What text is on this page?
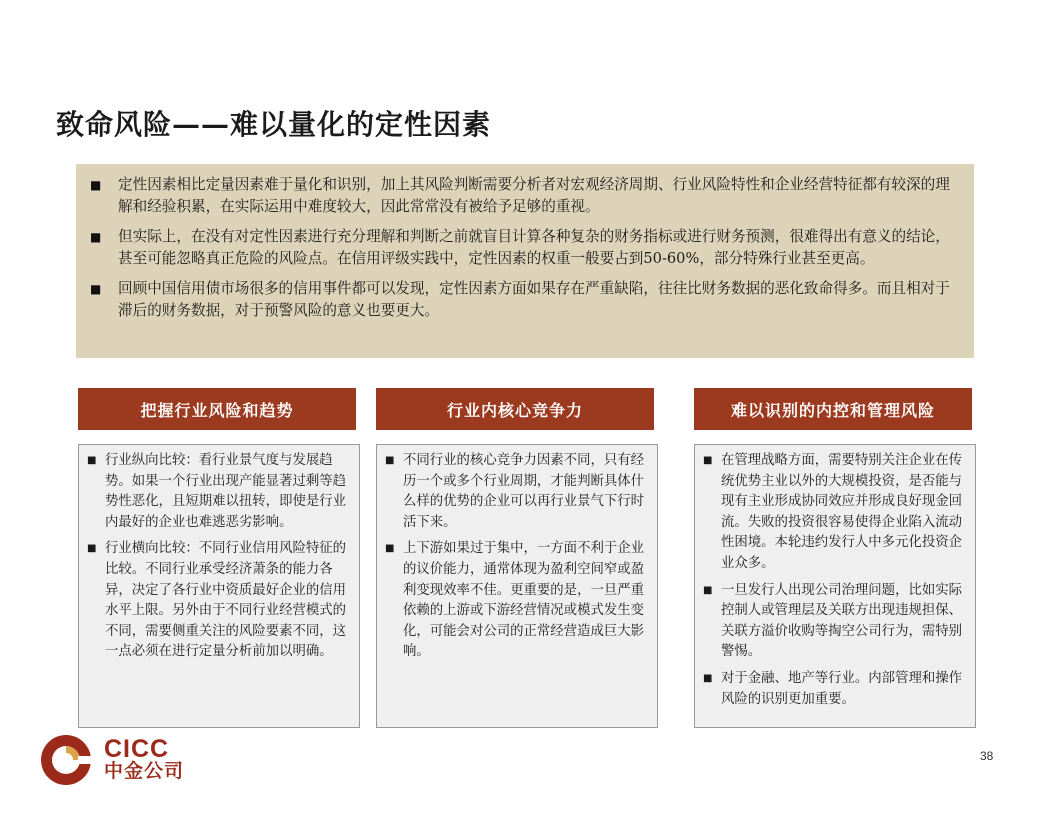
致命风险——难以量化的定性因素
■	定性因素相比定量因素难于量化和识别，加上其风险判断需要分析者对宏观经济周期、行业风险特性和企业经营特征都有较深的理解和经验积累，在实际运用中难度较大，因此常常没有被给予足够的重视。
■	但实际上，在没有对定性因素进行充分理解和判断之前就盲目计算各种复杂的财务指标或进行财务预测，很难得出有意义的结论，甚至可能忽略真正危险的风险点。在信用评级实践中，定性因素的权重一般要占到50-60%，部分特殊行业甚至更高。
■	回顾中国信用债市场很多的信用事件都可以发现，定性因素方面如果存在严重缺陷，往往比财务数据的恶化致命得多。而且相对于滞后的财务数据，对于预警风险的意义也要更大。
把握行业风险和趋势
■ 行业纵向比较：看行业景气度与发展趋势。如果一个行业出现产能显著过剩等趋势性恶化，且短期难以扭转，即使是行业内最好的企业也难逃恶劣影响。
■ 行业横向比较：不同行业信用风险特征的比较。不同行业承受经济萧条的能力各异，决定了各行业中资质最好企业的信用水平上限。另外由于不同行业经营模式的不同，需要侧重关注的风险要素不同，这一点必须在进行定量分析前加以明确。
行业内核心竞争力
■ 不同行业的核心竞争力因素不同，只有经历一个或多个行业周期，才能判断具体什么样的优势的企业可以再行业景气下行时活下来。
■ 上下游如果过于集中，一方面不利于企业的议价能力，通常体现为盈利空间窄或盈利变现效率不佳。更重要的是，一旦严重依赖的上游或下游经营情况或模式发生变化，可能会对公司的正常经营造成巨大影响。
难以识别的内控和管理风险
■ 在管理战略方面，需要特别关注企业在传统优势主业以外的大规模投资，是否能与现有主业形成协同效应并形成良好现金回流。失败的投资很容易使得企业陷入流动性困境。本轮违约发行人中多元化投资企业众多。
■ 一旦发行人出现公司治理问题，比如实际控制人或管理层及关联方出现违规担保、关联方溢价收购等掏空公司行为，需特别警惕。
■ 对于金融、地产等行业。内部管理和操作风险的识别更加重要。
CICC
中金公司
38
